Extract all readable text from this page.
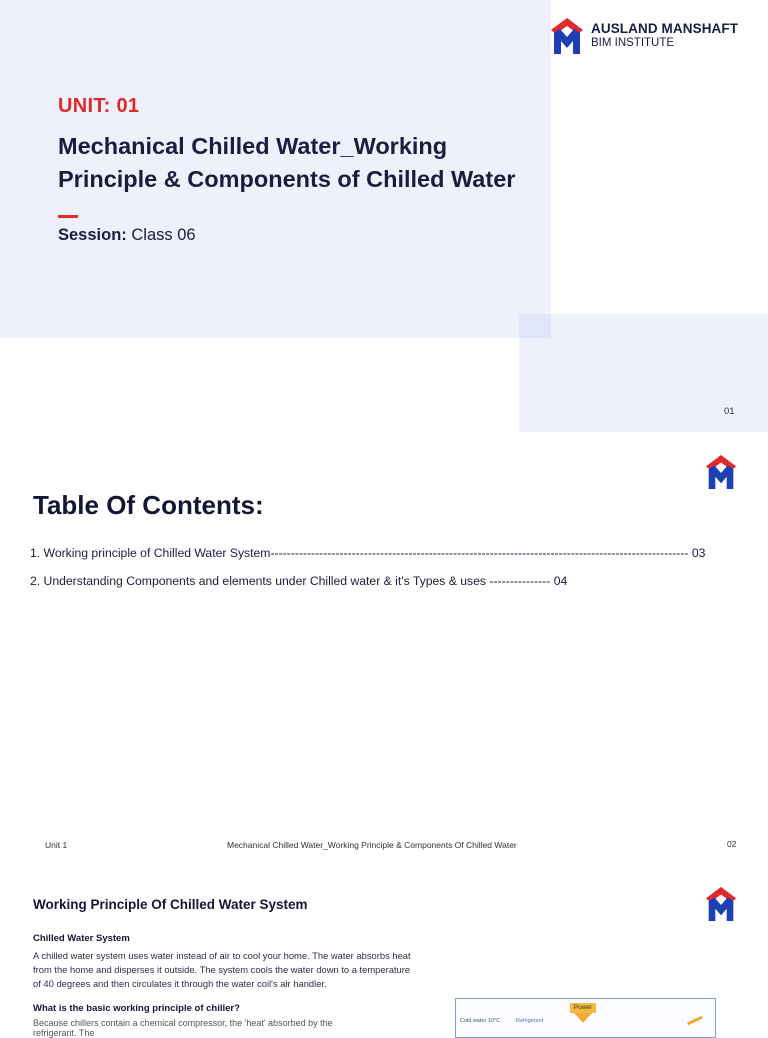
AUSLAND MANSHAFT
BIM INSTITUTE
UNIT: 01
Mechanical Chilled Water_Working Principle & Components of Chilled Water
Session: Class 06
01
Table Of Contents:
1. Working principle of Chilled Water System------------------------------------------------------------------------------------------------------- 03
2. Understanding Components and elements under Chilled water & it's Types & uses --------------- 04
Unit 1	Mechanical Chilled Water_Working Principle & Components Of Chilled Water	02
Working Principle Of Chilled Water System
Chilled Water System
A chilled water system uses water instead of air to cool your home. The water absorbs heat from the home and disperses it outside. The system cools the water down to a temperature of 40 degrees and then circulates it through the water coil's air handler.
What is the basic working principle of chiller?
Because chillers contain a chemical compressor, the 'heat' absorbed by the refrigerant. The
Power
Cold water 10°C	Refrigerant
